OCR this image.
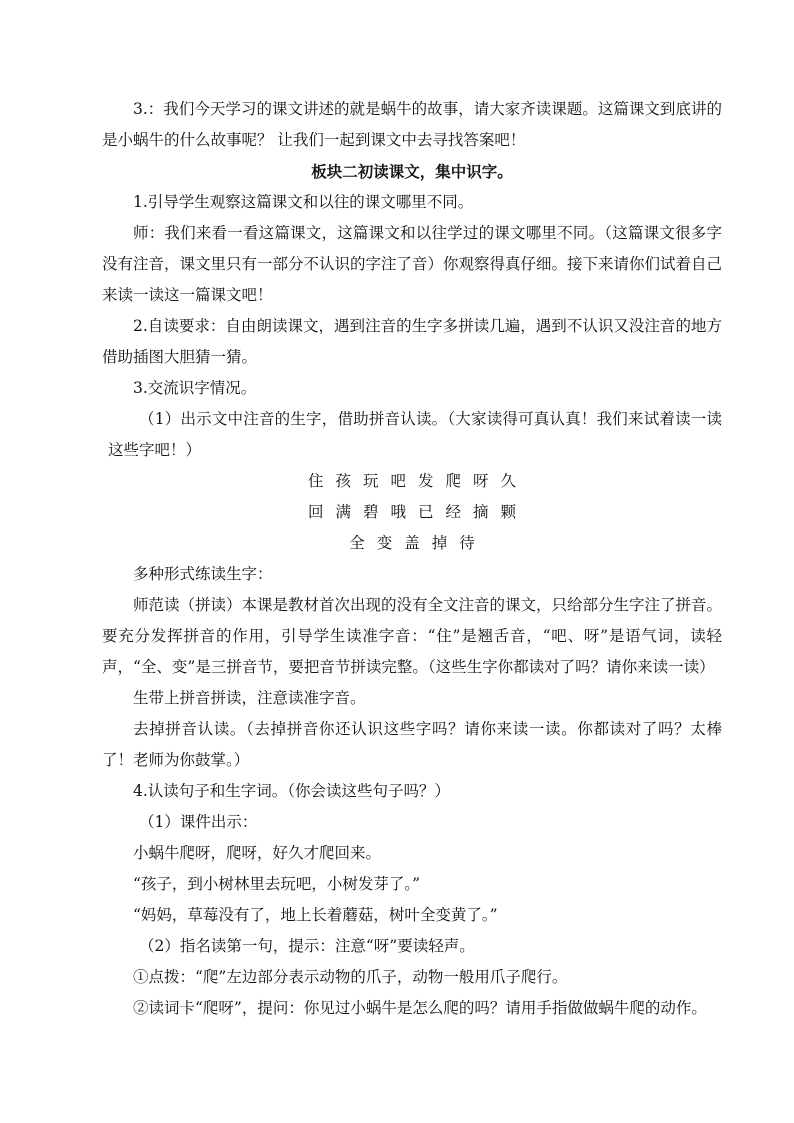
3.：我们今天学习的课文讲述的就是蜗牛的故事，请大家齐读课题。这篇课文到底讲的是小蜗牛的什么故事呢？ 让我们一起到课文中去寻找答案吧！

板块二初读课文，集中识字。

1.引导学生观察这篇课文和以往的课文哪里不同。

师：我们来看一看这篇课文，这篇课文和以往学过的课文哪里不同。（这篇课文很多字没有注音，课文里只有一部分不认识的字注了音）你观察得真仔细。接下来请你们试着自己来读一读这一篇课文吧！

2.自读要求：自由朗读课文，遇到注音的生字多拼读几遍，遇到不认识又没注音的地方借助插图大胆猜一猜。

3.交流识字情况。

（1）出示文中注音的生字，借助拼音认读。（大家读得可真认真！我们来试着读一读这些字吧！）

住 孩 玩 吧 发 爬 呀 久

回 满 碧 哦 已 经 摘 颗

全 变 盖 掉 待

多种形式练读生字：

师范读（拼读）本课是教材首次出现的没有全文注音的课文，只给部分生字注了拼音。要充分发挥拼音的作用，引导学生读准字音：“住”是翘舌音，“吧、呀”是语气词，读轻声，“全、变”是三拼音节，要把音节拼读完整。（这些生字你都读对了吗？请你来读一读）

生带上拼音拼读，注意读准字音。

去掉拼音认读。（去掉拼音你还认识这些字吗？请你来读一读。你都读对了吗？太棒了！老师为你鼓掌。）

4.认读句子和生字词。（你会读这些句子吗？）

（1）课件出示：

小蜗牛爬呀，爬呀，好久才爬回来。

“孩子，到小树林里去玩吧，小树发芽了。”

“妈妈，草莓没有了，地上长着蘑菇，树叶全变黄了。”

（2）指名读第一句，提示：注意“呀”要读轻声。

①点拨：“爬”左边部分表示动物的爪子，动物一般用爪子爬行。

②读词卡“爬呀”，提问：你见过小蜗牛是怎么爬的吗？请用手指做做蜗牛爬的动作。
